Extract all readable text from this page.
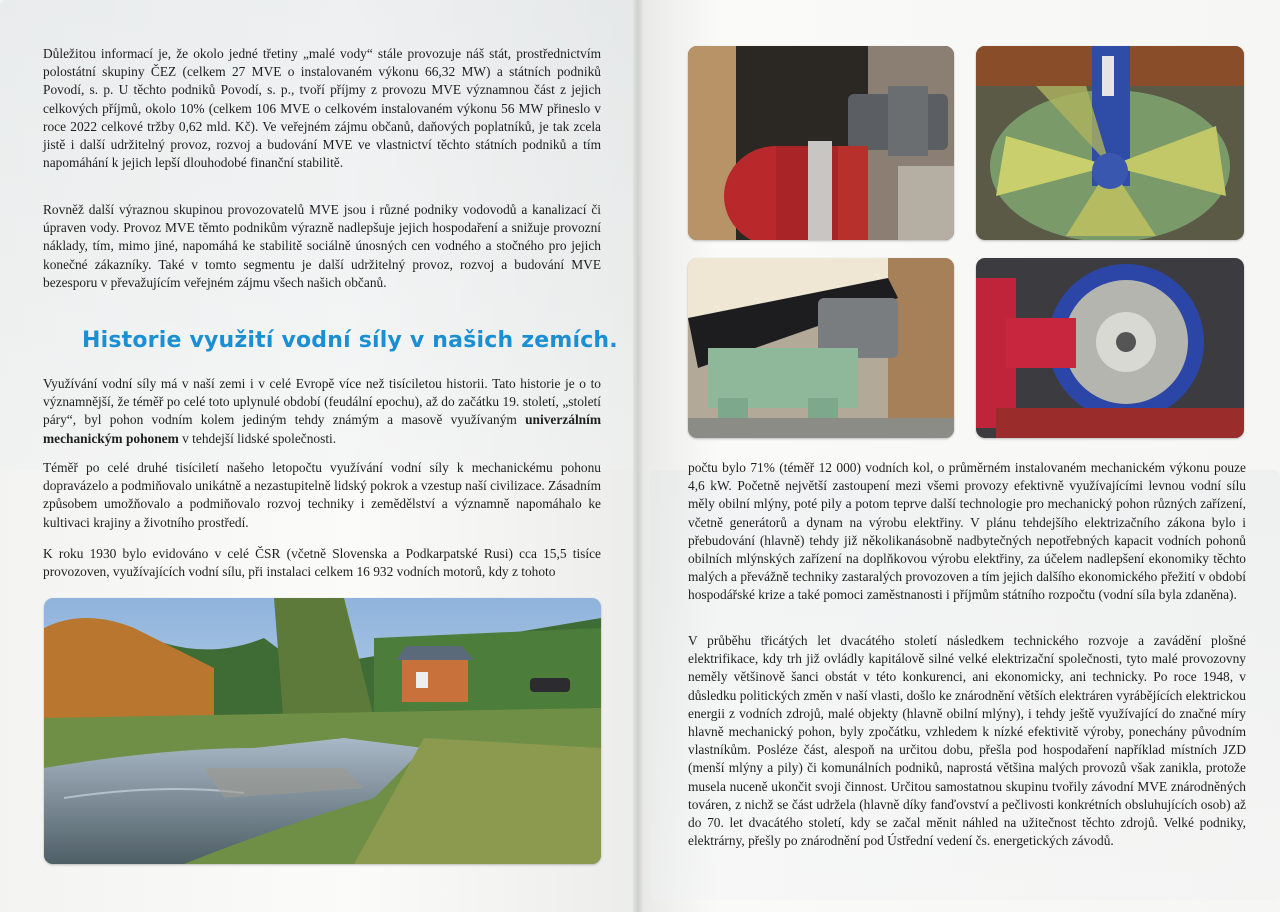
Důležitou informací je, že okolo jedné třetiny „malé vody“ stále provozuje náš stát, prostřednictvím polostátní skupiny ČEZ (celkem 27 MVE o instalovaném výkonu 66,32 MW) a státních podniků Povodí, s. p. U těchto podniků Povodí, s. p., tvoří příjmy z provozu MVE významnou část z jejich celkových příjmů, okolo 10% (celkem 106 MVE o celkovém instalovaném výkonu 56 MW přineslo v roce 2022 celkové tržby 0,62 mld. Kč). Ve veřejném zájmu občanů, daňových poplatníků, je tak zcela jistě i další udržitelný provoz, rozvoj a budování MVE ve vlastnictví těchto státních podniků a tím napomáhání k jejich lepší dlouhodobé finanční stabilitě.

Rovněž další výraznou skupinou provozovatelů MVE jsou i různé podniky vodovodů a kanalizací či úpraven vody. Provoz MVE těmto podnikům výrazně nadlepšuje jejich hospodaření a snižuje provozní náklady, tím, mimo jiné, napomáhá ke stabilitě sociálně únosných cen vodného a stočného pro jejich konečné zákazníky. Také v tomto segmentu je další udržitelný provoz, rozvoj a budování MVE bezesporu v převažujícím veřejném zájmu všech našich občanů.

Historie využití vodní síly v našich zemích.

Využívání vodní síly má v naší zemi i v celé Evropě více než tisíciletou historii. Tato historie je o to významnější, že téměř po celé toto uplynulé období (feudální epochu), až do začátku 19. století, „století páry“, byl pohon vodním kolem jediným tehdy známým a masově využívaným univerzálním mechanickým pohonem v tehdejší lidské společnosti.

Téměř po celé druhé tisíciletí našeho letopočtu využívání vodní síly k mechanickému pohonu dopravázelo a podmiňovalo unikátně a nezastupitelně lidský pokrok a vzestup naší civilizace. Zásadním způsobem umožňovalo a podmiňovalo rozvoj techniky i zemědělství a významně napomáhalo ke kultivaci krajiny a životního prostředí.

K roku 1930 bylo evidováno v celé ČSR (včetně Slovenska a Podkarpatské Rusi) cca 15,5 tisíce provozoven, využívajících vodní sílu, při instalaci celkem 16 932 vodních motorů, kdy z tohoto

počtu bylo 71% (téměř 12 000) vodních kol, o průměrném instalovaném mechanickém výkonu pouze 4,6 kW. Početně největší zastoupení mezi všemi provozy efektivně využívajícími levnou vodní sílu měly obilní mlýny, poté pily a potom teprve další technologie pro mechanický pohon různých zařízení, včetně generátorů a dynam na výrobu elektřiny. V plánu tehdejšího elektrizačního zákona bylo i přebudování (hlavně) tehdy již několikanásobně nadbytečných nepotřebných kapacit vodních pohonů obilních mlýnských zařízení na doplňkovou výrobu elektřiny, za účelem nadlepšení ekonomiky těchto malých a převážně techniky zastaralých provozoven a tím jejich dalšího ekonomického přežití v období hospodářské krize a také pomoci zaměstnanosti i příjmům státního rozpočtu (vodní síla byla zdaněna).

V průběhu třicátých let dvacátého století následkem technického rozvoje a zavádění plošné elektrifikace, kdy trh již ovládly kapitálově silné velké elektrizační společnosti, tyto malé provozovny neměly většinově šanci obstát v této konkurenci, ani ekonomicky, ani technicky. Po roce 1948, v důsledku politických změn v naší vlasti, došlo ke znárodnění větších elektráren vyrábějících elektrickou energii z vodních zdrojů, malé objekty (hlavně obilní mlýny), i tehdy ještě využívající do značné míry hlavně mechanický pohon, byly zpočátku, vzhledem k nízké efektivitě výroby, ponechány původním vlastníkům. Posléze část, alespoň na určitou dobu, přešla pod hospodaření například místních JZD (menší mlýny a pily) či komunálních podniků, naprostá většina malých provozů však zanikla, protože musela nuceně ukončit svoji činnost. Určitou samostatnou skupinu tvořily závodní MVE znárodněných továren, z nichž se část udržela (hlavně díky fanďovství a pečlivosti konkrétních obsluhujících osob) až do 70. let dvacátého století, kdy se začal měnit náhled na užitečnost těchto zdrojů. Velké podniky, elektrárny, přešly po znárodnění pod Ústřední vedení čs. energetických závodů.
